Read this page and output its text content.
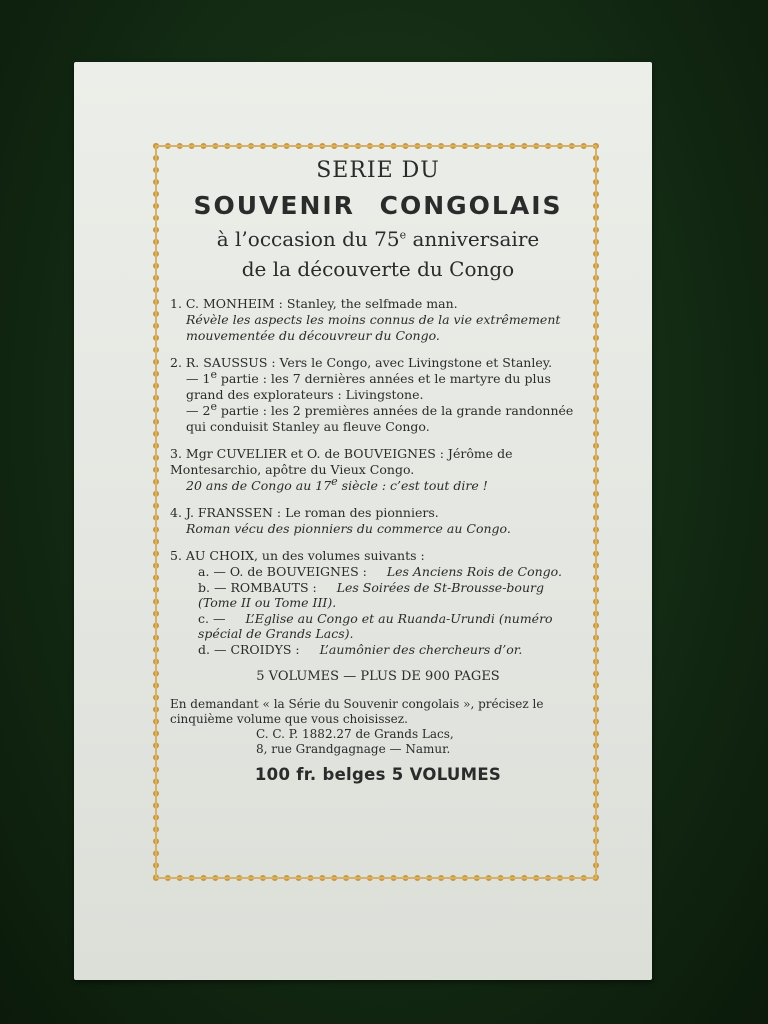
SERIE DU
SOUVENIR CONGOLAIS
à l’occasion du 75e anniversaire
de la découverte du Congo
1. C. MONHEIM : Stanley, the selfmade man.
Révèle les aspects les moins connus de la vie extrêmement mouvementée du découvreur du Congo.
2. R. SAUSSUS : Vers le Congo, avec Livingstone et Stanley.
— 1e partie : les 7 dernières années et le martyre du plus grand des explorateurs : Livingstone.
— 2e partie : les 2 premières années de la grande randonnée qui conduisit Stanley au fleuve Congo.
3. Mgr CUVELIER et O. de BOUVEIGNES : Jérôme de Montesarchio, apôtre du Vieux Congo.
20 ans de Congo au 17e siècle : c’est tout dire !
4. J. FRANSSEN : Le roman des pionniers.
Roman vécu des pionniers du commerce au Congo.
5. AU CHOIX, un des volumes suivants :
a. — O. de BOUVEIGNES : Les Anciens Rois de Congo.
b. — ROMBAUTS : Les Soirées de St-Brousse-bourg (Tome II ou Tome III).
c. — L’Eglise au Congo et au Ruanda-Urundi (numéro spécial de Grands Lacs).
d. — CROIDYS : L’aumônier des chercheurs d’or.
5 VOLUMES — PLUS DE 900 PAGES
En demandant « la Série du Souvenir congolais », précisez le cinquième volume que vous choisissez.
C. C. P. 1882.27 de Grands Lacs,
8, rue Grandgagnage — Namur.
100 fr. belges 5 VOLUMES
